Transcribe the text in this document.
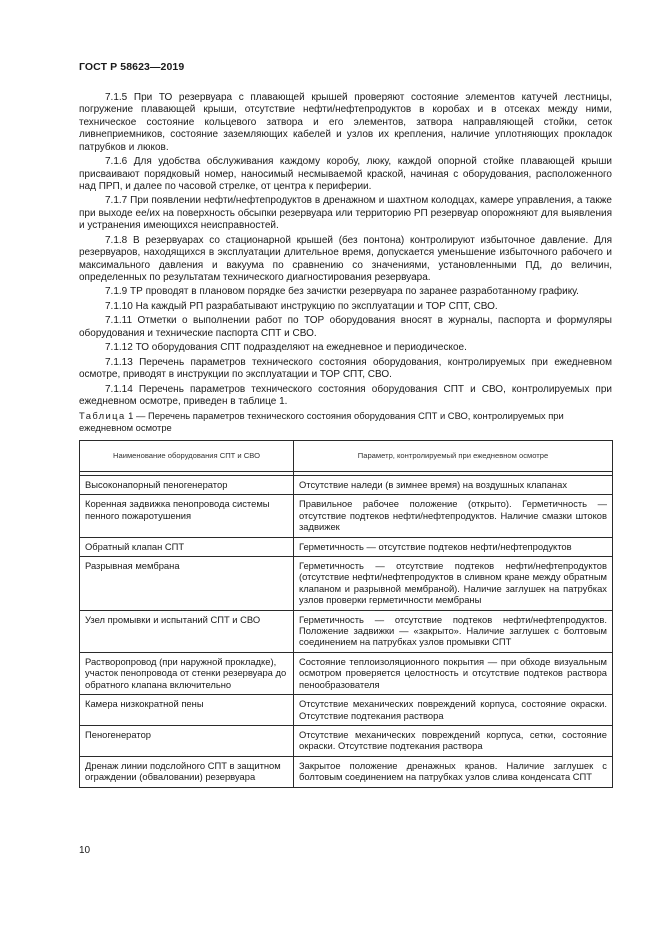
ГОСТ Р 58623—2019

7.1.5 При ТО резервуара с плавающей крышей проверяют состояние элементов катучей лестницы, погружение плавающей крыши, отсутствие нефти/нефтепродуктов в коробах и в отсеках между ними, техническое состояние кольцевого затвора и его элементов, затвора направляющей стойки, сеток ливнеприемников, состояние заземляющих кабелей и узлов их крепления, наличие уплотняющих прокладок патрубков и люков.

7.1.6 Для удобства обслуживания каждому коробу, люку, каждой опорной стойке плавающей крыши присваивают порядковый номер, наносимый несмываемой краской, начиная с оборудования, расположенного над ПРП, и далее по часовой стрелке, от центра к периферии.

7.1.7 При появлении нефти/нефтепродуктов в дренажном и шахтном колодцах, камере управления, а также при выходе ее/их на поверхность обсыпки резервуара или территорию РП резервуар опорожняют для выявления и устранения имеющихся неисправностей.

7.1.8 В резервуарах со стационарной крышей (без понтона) контролируют избыточное давление. Для резервуаров, находящихся в эксплуатации длительное время, допускается уменьшение избыточного рабочего и максимального давления и вакуума по сравнению со значениями, установленными ПД, до величин, определенных по результатам технического диагностирования резервуара.

7.1.9 ТР проводят в плановом порядке без зачистки резервуара по заранее разработанному графику.

7.1.10 На каждый РП разрабатывают инструкцию по эксплуатации и ТОР СПТ, СВО.

7.1.11 Отметки о выполнении работ по ТОР оборудования вносят в журналы, паспорта и формуляры оборудования и технические паспорта СПТ и СВО.

7.1.12 ТО оборудования СПТ подразделяют на ежедневное и периодическое.

7.1.13 Перечень параметров технического состояния оборудования, контролируемых при ежедневном осмотре, приводят в инструкции по эксплуатации и ТОР СПТ, СВО.

7.1.14 Перечень параметров технического состояния оборудования СПТ и СВО, контролируемых при ежедневном осмотре, приведен в таблице 1.

Таблица 1 — Перечень параметров технического состояния оборудования СПТ и СВО, контролируемых при ежедневном осмотре
Наименование оборудования СПТ и СВО	Параметр, контролируемый при ежедневном осмотре

Высоконапорный пеногенератор	Отсутствие наледи (в зимнее время) на воздушных клапанах
Коренная задвижка пенопровода системы пенного пожаротушения	Правильное рабочее положение (открыто). Герметичность — отсутствие подтеков нефти/нефтепродуктов. Наличие смазки штоков задвижек
Обратный клапан СПТ	Герметичность — отсутствие подтеков нефти/нефтепродуктов
Разрывная мембрана	Герметичность — отсутствие подтеков нефти/нефтепродуктов (отсутствие нефти/нефтепродуктов в сливном кране между обратным клапаном и разрывной мембраной). Наличие заглушек на патрубках узлов проверки герметичности мембраны
Узел промывки и испытаний СПТ и СВО	Герметичность — отсутствие подтеков нефти/нефтепродуктов. Положение задвижки — «закрыто». Наличие заглушек с болтовым соединением на патрубках узлов промывки СПТ
Растворопровод (при наружной прокладке), участок пенопровода от стенки резервуара до обратного клапана включительно	Состояние теплоизоляционного покрытия — при обходе визуальным осмотром проверяется целостность и отсутствие подтеков раствора пенообразователя
Камера низкократной пены	Отсутствие механических повреждений корпуса, состояние окраски. Отсутствие подтекания раствора
Пеногенератор	Отсутствие механических повреждений корпуса, сетки, состояние окраски. Отсутствие подтекания раствора
Дренаж линии подслойного СПТ в защитном ограждении (обваловании) резервуара	Закрытое положение дренажных кранов. Наличие заглушек с болтовым соединением на патрубках узлов слива конденсата СПТ
10
